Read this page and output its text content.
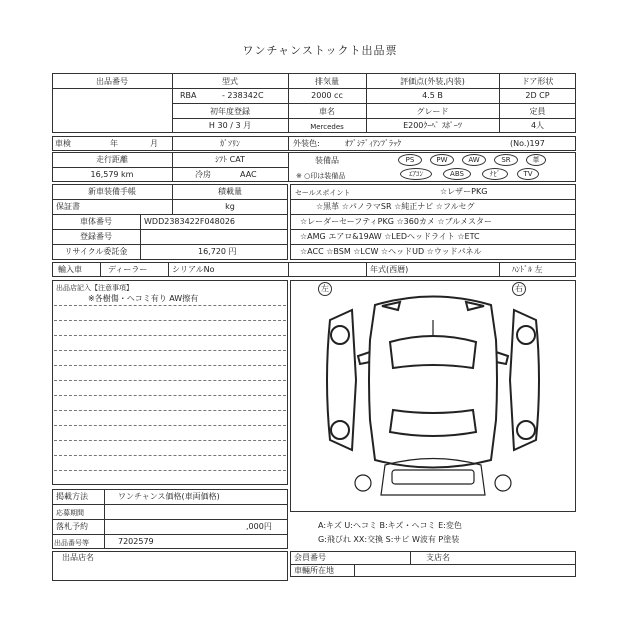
ワンチャンストックト出品票
出品番号	型式	排気量	評価点(外装,内装)	ドア形状
RBA	- 238342C	2000 cc	4.5 B	2D CP
初年度登録	車名	グレード	定員
H 30 / 3 月	Mercedes	E200ｸｰﾍﾟ ｽﾎﾟｰﾂ	4人
車検	年	月	ｶﾞｿﾘﾝ	外装色:	ｵﾌﾞｼﾃﾞｨｱﾝﾌﾞﾗｯｸ	(No.)197
走行距離	ｼﾌﾄ CAT
16,579 km	冷房	AAC
装備品
※ ○印は装備品
PS	PW	AW	SR	革
ｴｱｺﾝ	ABS	ﾅﾋﾞ	TV
新車装備手帳	積載量
保証書	kg
車体番号	WDD2383422F048026
登録番号
リサイクル委託金	16,720 円
セールスポイント	☆レザーPKG
☆黒革 ☆パノラマSR ☆純正ナビ ☆フルセグ
☆レーダーセーフティPKG ☆360カメ ☆ブルメスター
☆AMG エアロ&19AW ☆LEDヘッドライト ☆ETC
☆ACC ☆BSM ☆LCW ☆ヘッドUD ☆ウッドパネル
輸入車	ディーラー	シリアルNo	年式(西暦)	ﾊﾝﾄﾞﾙ 左
出品店記入【注意事項】
※各樹傷・ヘコミ有り AW擦有
左	右
掲載方法	ワンチャンス価格(車両価格)
応募期間
落札予約	,000円
出品番号等	7202579
A:キズ U:ヘコミ B:キズ・ヘコミ E:変色
G:飛びれ XX:交換 S:サビ W波有 P塗装
出品店名	会員番号	支店名
車輛所在地
